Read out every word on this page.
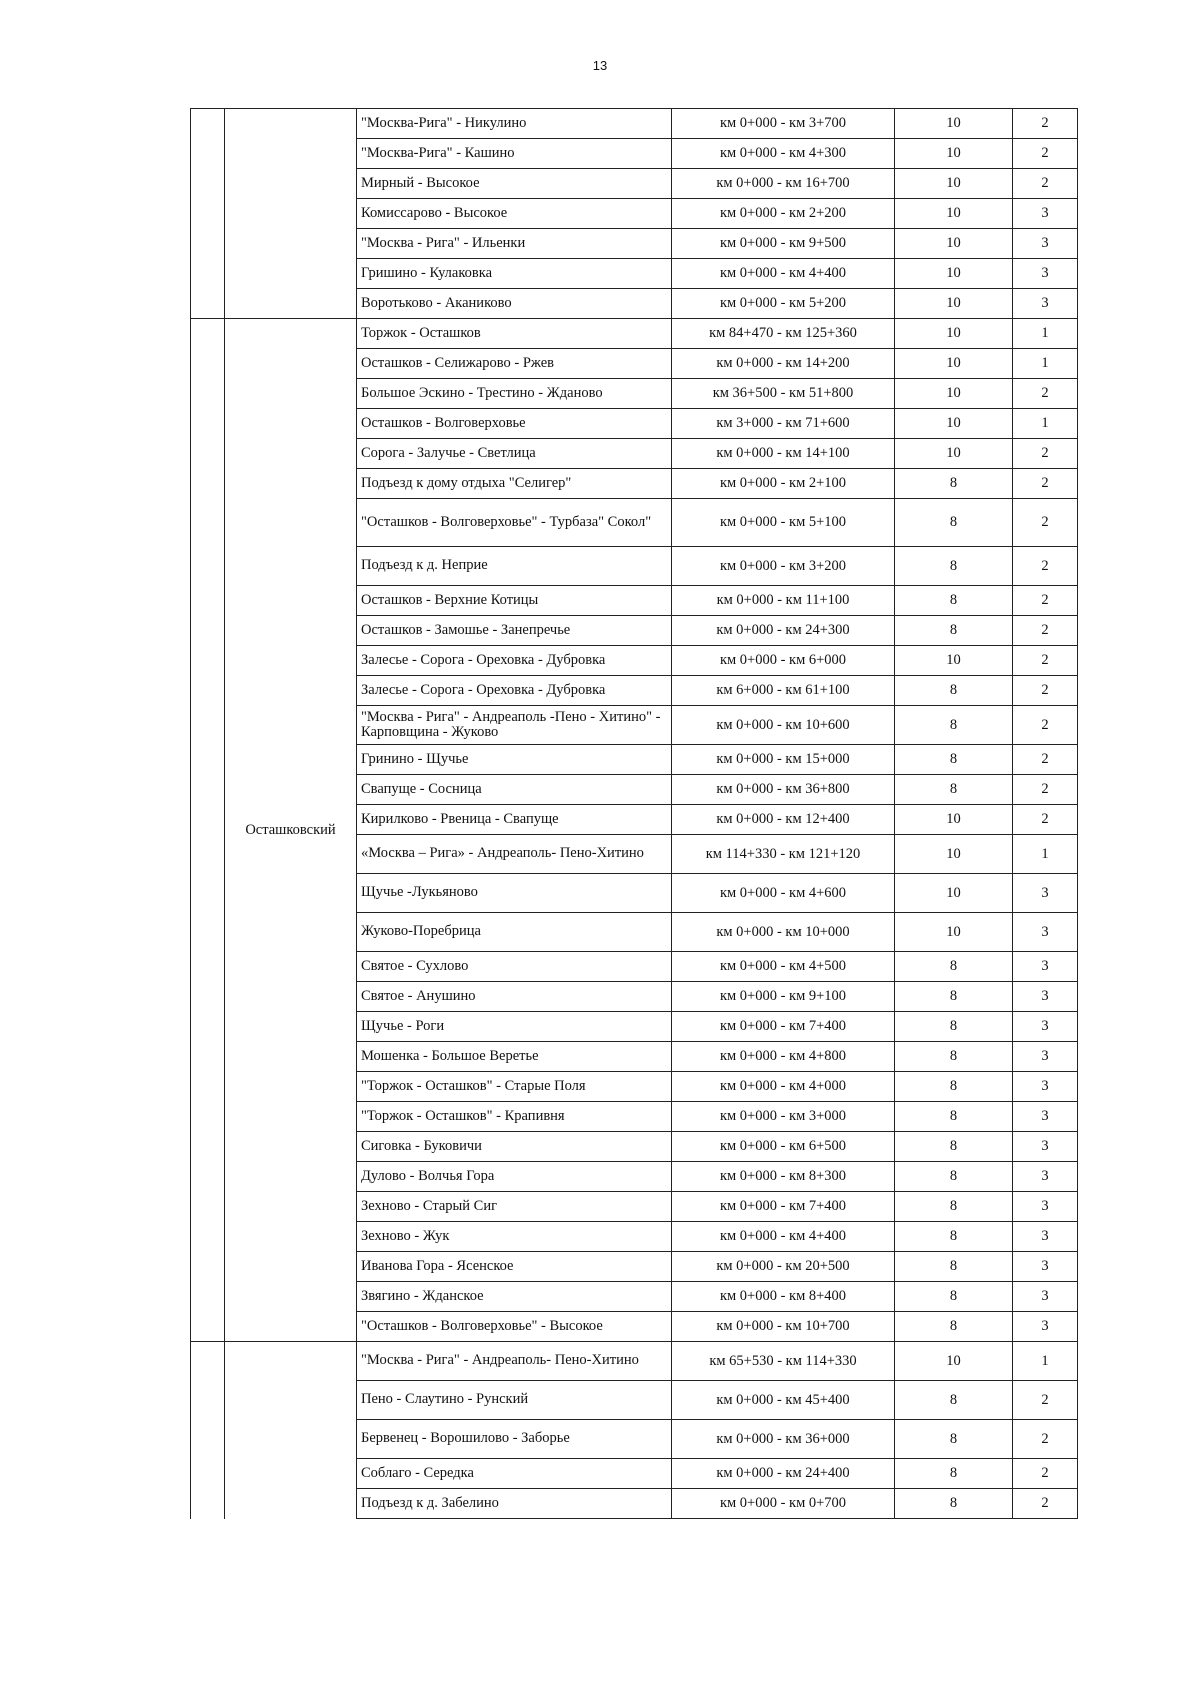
13
		"Москва-Рига" - Никулино	км 0+000 - км 3+700	10	2
		"Москва-Рига" - Кашино	км 0+000 - км 4+300	10	2
		Мирный - Высокое	км 0+000 - км 16+700	10	2
		Комиссарово - Высокое	км 0+000 - км 2+200	10	3
		"Москва - Рига" - Ильенки	км 0+000 - км 9+500	10	3
		Гришино - Кулаковка	км 0+000 - км 4+400	10	3
		Воротьково - Аканиково	км 0+000 - км 5+200	10	3
	Осташковский	Торжок - Осташков	км 84+470 - км 125+360	10	1
		Осташков - Селижарово - Ржев	км 0+000 - км 14+200	10	1
		Большое Эскино - Трестино - Жданово	км 36+500 - км 51+800	10	2
		Осташков - Волговерховье	км 3+000 - км 71+600	10	1
		Сорога - Залучье - Светлица	км 0+000 - км 14+100	10	2
		Подъезд к дому отдыха "Селигер"	км 0+000 - км 2+100	8	2
		"Осташков - Волговерховье" - Турбаза" Сокол"	км 0+000 - км 5+100	8	2
		Подъезд к д. Неприе	км 0+000 - км 3+200	8	2
		Осташков - Верхние Котицы	км 0+000 - км 11+100	8	2
		Осташков - Замошье - Занепречье	км 0+000 - км 24+300	8	2
		Залесье - Сорога - Ореховка - Дубровка	км 0+000 - км 6+000	10	2
		Залесье - Сорога - Ореховка - Дубровка	км 6+000 - км 61+100	8	2
		"Москва - Рига" - Андреаполь -Пено - Хитино" - Карповщина - Жуково	км 0+000 - км 10+600	8	2
		Гринино - Щучье	км 0+000 - км 15+000	8	2
		Свапуще - Сосница	км 0+000 - км 36+800	8	2
		Кирилково - Рвеница - Свапуще	км 0+000 - км 12+400	10	2
		«Москва – Рига» - Андреаполь- Пено-Хитино	км 114+330 - км 121+120	10	1
		Щучье -Лукьяново	км 0+000 - км 4+600	10	3
		Жуково-Поребрица	км 0+000 - км 10+000	10	3
		Святое - Сухлово	км 0+000 - км 4+500	8	3
		Святое - Анушино	км 0+000 - км 9+100	8	3
		Щучье - Роги	км 0+000 - км 7+400	8	3
		Мошенка - Большое Веретье	км 0+000 - км 4+800	8	3
		"Торжок - Осташков" - Старые Поля	км 0+000 - км 4+000	8	3
		"Торжок - Осташков" - Крапивня	км 0+000 - км 3+000	8	3
		Сиговка - Буковичи	км 0+000 - км 6+500	8	3
		Дулово - Волчья Гора	км 0+000 - км 8+300	8	3
		Зехново - Старый Сиг	км 0+000 - км 7+400	8	3
		Зехново - Жук	км 0+000 - км 4+400	8	3
		Иванова Гора - Ясенское	км 0+000 - км 20+500	8	3
		Звягино - Жданское	км 0+000 - км 8+400	8	3
		"Осташков - Волговерховье" - Высокое	км 0+000 - км 10+700	8	3
		"Москва - Рига" - Андреаполь- Пено-Хитино	км 65+530 - км 114+330	10	1
		Пено - Слаутино - Рунский	км 0+000 - км 45+400	8	2
		Бервенец - Ворошилово - Заборье	км 0+000 - км 36+000	8	2
		Соблаго - Середка	км 0+000 - км 24+400	8	2
		Подъезд к д. Забелино	км 0+000 - км 0+700	8	2
